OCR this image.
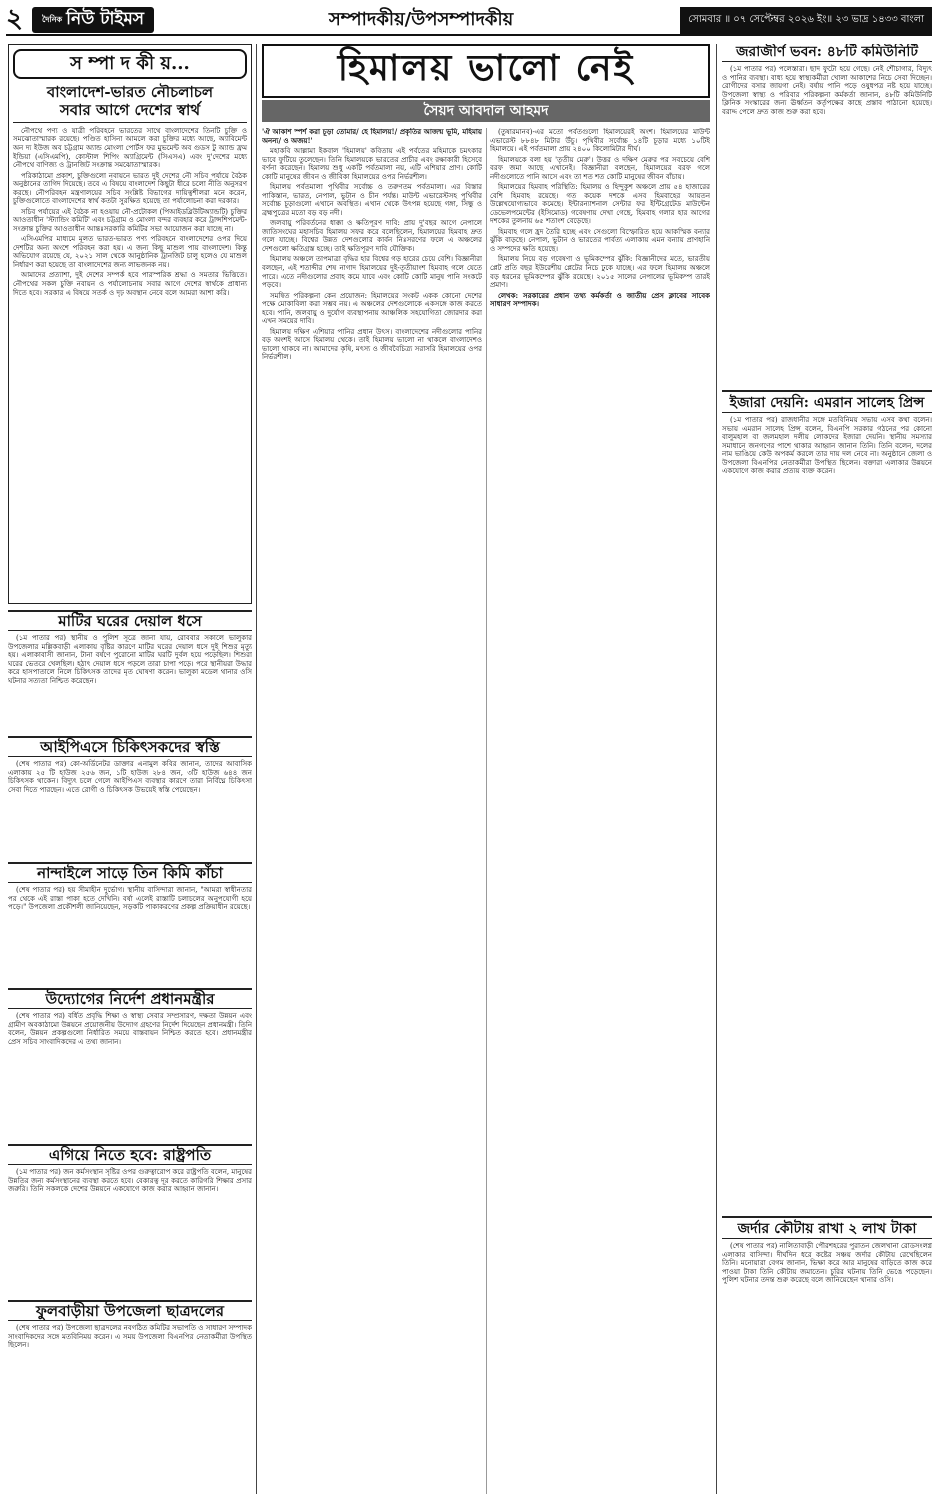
২	দৈনিক নিউ টাইমস	সম্পাদকীয়/উপসম্পাদকীয়	সোমবার ॥ ০৭ সেপ্টেম্বর ২০২৬ ইং॥ ২৩ ভাদ্র ১৪৩৩ বাংলা
স ম্পা দ কী য়...
বাংলাদেশ-ভারত নৌচলাচল
সবার আগে দেশের স্বার্থ

নৌপথে পণ্য ও যাত্রী পরিবহনে ভারতের সাথে বাংলাদেশের তিনটি চুক্তি ও সমঝোতাস্মারক রয়েছে। পণ্ডিত হাসিনা আমলে করা চুক্তির মধ্যে আছে, অ্যাবিমেন্ট অন দ্য ইউজ অব চট্টগ্রাম অ্যান্ড মোংলা পোর্টস ফর মুভমেন্ট অব গুডস টু অ্যান্ড ফ্রম ইন্ডিয়া (এসিএমপি), কোস্টাল শিপিং অ্যাগ্রিমেন্ট (সিএসএ) এবং দু'দেশের মধ্যে নৌপথে বাণিজ্য ও ট্রানজিট সংক্রান্ত সমঝোতাস্মারক।

পরিকাঠামো প্রকাশ, চুক্তিগুলো নবায়নে ভারত দুই দেশের নৌ সচিব পর্যায়ে বৈঠক অনুষ্ঠানের তাগিদ দিয়েছে। তবে এ বিষয়ে বাংলাদেশ কিছুটা ধীরে চলো নীতি অনুসরণ করছে। নৌপরিবহন মন্ত্রণালয়ের সচিব সংশ্লিষ্ট বিভাগের দায়িত্বশীলরা মনে করেন, চুক্তিগুলোতে বাংলাদেশের স্বার্থ কতটা সুরক্ষিত হয়েছে তা পর্যালোচনা করা দরকার।

সচিব পর্যায়ের এই বৈঠক না হওয়ায় নৌ-প্রটোকল (পিআইডব্লিউটিঅ্যান্ডটি) চুক্তির আওতাধীন 'স্ট্যান্ডিং কমিটি' এবং চট্টগ্রাম ও মোংলা বন্দর ব্যবহার করে ট্রান্সশিপমেন্ট-সংক্রান্ত চুক্তির আওতাধীন আন্তঃসরকারি কমিটির সভা আয়োজন করা যাচ্ছে না।

এসিএমপির মাধ্যমে মূলত ভারত-ভারত পণ্য পরিবহনে বাংলাদেশের ওপর দিয়ে দেশটির অন্য অংশে পরিবহন করা হয়। এ জন্য কিছু মাশুল পায় বাংলাদেশ। কিন্তু অভিযোগ রয়েছে যে, ২০২১ সাল থেকে আনুষ্ঠানিক ট্রানজিট চালু হলেও যে মাশুল নির্ধারণ করা হয়েছে তা বাংলাদেশের জন্য লাভজনক নয়।

আমাদের প্রত্যাশা, দুই দেশের সম্পর্ক হবে পারস্পরিক শ্রদ্ধা ও সমতার ভিত্তিতে। নৌপথের সকল চুক্তি নবায়ন ও পর্যালোচনায় সবার আগে দেশের স্বার্থকে প্রাধান্য দিতে হবে। সরকার এ বিষয়ে সতর্ক ও দৃঢ় অবস্থান নেবে বলে আমরা আশা করি।

মাটির ঘরের দেয়াল ধসে

(১ম পাতার পর) স্থানীয় ও পুলিশ সূত্রে জানা যায়, রোববার সকালে ভালুকার উপজেলার মল্লিকবাড়ী এলাকায় বৃষ্টির কারণে মাটির ঘরের দেয়াল ধসে দুই শিশুর মৃত্যু হয়। এলাকাবাসী জানান, টানা বর্ষণে পুরোনো মাটির ঘরটি দুর্বল হয়ে পড়েছিল। শিশুরা ঘরের ভেতরে খেলছিল। হঠাৎ দেয়াল ধসে পড়লে তারা চাপা পড়ে। পরে স্থানীয়রা উদ্ধার করে হাসপাতালে নিলে চিকিৎসক তাদের মৃত ঘোষণা করেন। ভালুকা মডেল থানার ওসি ঘটনার সত্যতা নিশ্চিত করেছেন।

আইপিএসে চিকিৎসকদের স্বস্তি

(শেষ পাতার পর) কো-অর্ডিনেটর ডাক্তার এনামুল কবির জানান, তাদের আবাসিক এলাকায় ২৫ টি হাউজ ২৫৬ জন, ১টি হাউজ ২৮৪ জন, ৩টি হাউজ ৬৪৪ জন চিকিৎসক থাকেন। বিদ্যুৎ চলে গেলে আইপিএস ব্যবস্থার কারণে তারা নির্বিঘ্নে চিকিৎসা সেবা দিতে পারছেন। এতে রোগী ও চিকিৎসক উভয়েই স্বস্তি পেয়েছেন।

নান্দাইলে সাড়ে তিন কিমি কাঁচা

(শেষ পাতার পর) হয় সীমাহীন দুর্ভোগ। স্থানীয় বাসিন্দারা জানান, "আমরা স্বাধীনতার পর থেকে এই রাস্তা পাকা হতে দেখিনি। বর্ষা এলেই রাস্তাটি চলাচলের অনুপযোগী হয়ে পড়ে।" উপজেলা প্রকৌশলী জানিয়েছেন, সড়কটি পাকাকরণের প্রকল্প প্রক্রিয়াধীন রয়েছে।

উদ্যোগের নির্দেশ প্রধানমন্ত্রীর

(শেষ পাতার পর) বর্ধিত প্রবৃদ্ধি শিক্ষা ও স্বাস্থ্য সেবার সম্প্রসারণ, দক্ষতা উন্নয়ন এবং গ্রামীণ অবকাঠামো উন্নয়নে প্রয়োজনীয় উদ্যোগ গ্রহণের নির্দেশ দিয়েছেন প্রধানমন্ত্রী। তিনি বলেন, উন্নয়ন প্রকল্পগুলো নির্ধারিত সময়ে বাস্তবায়ন নিশ্চিত করতে হবে। প্রধানমন্ত্রীর প্রেস সচিব সাংবাদিকদের এ তথ্য জানান।

এগিয়ে নিতে হবে: রাষ্ট্রপতি

(১ম পাতার পর) জন কর্মসংস্থান সৃষ্টির ওপর গুরুত্বারোপ করে রাষ্ট্রপতি বলেন, মানুষের উন্নতির জন্য কর্মসংস্থানের ব্যবস্থা করতে হবে। বেকারত্ব দূর করতে কারিগরি শিক্ষার প্রসার জরুরি। তিনি সকলকে দেশের উন্নয়নে একযোগে কাজ করার আহ্বান জানান।

ফুলবাড়ীয়া উপজেলা ছাত্রদলের

(শেষ পাতার পর) উপজেলা ছাত্রদলের নবগঠিত কমিটির সভাপতি ও সাধারণ সম্পাদক সাংবাদিকদের সঙ্গে মতবিনিময় করেন। এ সময় উপজেলা বিএনপির নেতাকর্মীরা উপস্থিত ছিলেন।

হিমালয় ভালো নেই
সৈয়দ আবদাল আহমদ

'ঐ আকাশ স্পর্শ করা চূড়া তোমার/ হে হিমালয়!/ প্রকৃতির আজন্ম ভূমি, মহিমায় অনন্য/ ও অজয়!'

মহাকবি আল্লামা ইকবাল 'হিমালয়' কবিতায় এই পর্বতের মহিমাকে চমৎকার ভাবে ফুটিয়ে তুলেছেন। তিনি হিমালয়কে ভারতের প্রাচীর এবং রক্ষাকারী হিসেবে বর্ণনা করেছেন। হিমালয় শুধু একটি পর্বতমালা নয়, এটি এশিয়ার প্রাণ। কোটি কোটি মানুষের জীবন ও জীবিকা হিমালয়ের ওপর নির্ভরশীল।

হিমালয় পর্বতমালা পৃথিবীর সর্বোচ্চ ও তরুণতম পর্বতমালা। এর বিস্তার পাকিস্তান, ভারত, নেপাল, ভুটান ও চীন পর্যন্ত। মাউন্ট এভারেস্টসহ পৃথিবীর সর্বোচ্চ চূড়াগুলো এখানে অবস্থিত। এখান থেকে উৎপন্ন হয়েছে গঙ্গা, সিন্ধু ও ব্রহ্মপুত্রের মতো বড় বড় নদী।

জলবায়ু পরিবর্তনের ধাক্কা ও ক্ষতিপূরণ দাবি: প্রায় দু'বছর আগে নেপালে জাতিসংঘের মহাসচিব হিমালয় সফর করে বলেছিলেন, হিমালয়ের হিমবাহ দ্রুত গলে যাচ্ছে। বিশ্বের উন্নত দেশগুলোর কার্বন নিঃসরণের ফলে এ অঞ্চলের দেশগুলো ক্ষতিগ্রস্ত হচ্ছে। তাই ক্ষতিপূরণ দাবি যৌক্তিক।

হিমালয় অঞ্চলে তাপমাত্রা বৃদ্ধির হার বিশ্বের গড় হারের চেয়ে বেশি। বিজ্ঞানীরা বলছেন, এই শতাব্দীর শেষ নাগাদ হিমালয়ের দুই-তৃতীয়াংশ হিমবাহ গলে যেতে পারে। এতে নদীগুলোর প্রবাহ কমে যাবে এবং কোটি কোটি মানুষ পানি সংকটে পড়বে।

সমন্বিত পরিকল্পনা কেন প্রয়োজন: হিমালয়ের সংকট একক কোনো দেশের পক্ষে মোকাবিলা করা সম্ভব নয়। এ অঞ্চলের দেশগুলোকে একসঙ্গে কাজ করতে হবে। পানি, জলবায়ু ও দুর্যোগ ব্যবস্থাপনায় আঞ্চলিক সহযোগিতা জোরদার করা এখন সময়ের দাবি।

হিমালয় দক্ষিণ এশিয়ার পানির প্রধান উৎস। বাংলাদেশের নদীগুলোর পানির বড় অংশই আসে হিমালয় থেকে। তাই হিমালয় ভালো না থাকলে বাংলাদেশও ভালো থাকবে না। আমাদের কৃষি, মৎস্য ও জীববৈচিত্র্য সরাসরি হিমালয়ের ওপর নির্ভরশীল।

(তুষারমানব)-এর মতো পর্বতগুলো হিমালয়েরই অংশ। হিমালয়ের মাউন্ট এভারেস্ট ৮৮৪৮ মিটার উঁচু। পৃথিবীর সর্বোচ্চ ১৪টি চূড়ার মধ্যে ১০টিই হিমালয়ে। এই পর্বতমালা প্রায় ২৪০০ কিলোমিটার দীর্ঘ।

হিমালয়কে বলা হয় 'তৃতীয় মেরু'। উত্তর ও দক্ষিণ মেরুর পর সবচেয়ে বেশি বরফ জমা আছে এখানেই। বিজ্ঞানীরা বলছেন, হিমালয়ের বরফ গলে নদীগুলোতে পানি আসে এবং তা শত শত কোটি মানুষের জীবন বাঁচায়।

হিমালয়ের হিমবাহ পরিস্থিতি: হিমালয় ও হিন্দুকুশ অঞ্চলে প্রায় ৫৪ হাজারের বেশি হিমবাহ রয়েছে। গত কয়েক দশকে এসব হিমবাহের আয়তন উল্লেখযোগ্যভাবে কমেছে। ইন্টারন্যাশনাল সেন্টার ফর ইন্টিগ্রেটেড মাউন্টেন ডেভেলপমেন্টের (ইসিমোড) গবেষণায় দেখা গেছে, হিমবাহ গলার হার আগের দশকের তুলনায় ৬৫ শতাংশ বেড়েছে।

হিমবাহ গলে হ্রদ তৈরি হচ্ছে এবং সেগুলো বিস্ফোরিত হয়ে আকস্মিক বন্যার ঝুঁকি বাড়ছে। নেপাল, ভুটান ও ভারতের পার্বত্য এলাকায় এমন বন্যায় প্রাণহানি ও সম্পদের ক্ষতি হয়েছে।

হিমালয় নিয়ে বড় গবেষণা ও ভূমিকম্পের ঝুঁকি: বিজ্ঞানীদের মতে, ভারতীয় প্লেট প্রতি বছর ইউরেশীয় প্লেটের নিচে ঢুকে যাচ্ছে। এর ফলে হিমালয় অঞ্চলে বড় ধরনের ভূমিকম্পের ঝুঁকি রয়েছে। ২০১৫ সালের নেপালের ভূমিকম্প তারই প্রমাণ।

লেখক: সরকারের প্রধান তথ্য কর্মকর্তা ও জাতীয় প্রেস ক্লাবের সাবেক সাধারণ সম্পাদক।

জরাজীর্ণ ভবন: ৪৮টি কমিউনিটি

(১ম পাতার পর) পলেস্তারা। ছাদ ফুটো হয়ে গেছে। নেই শৌচাগার, বিদ্যুৎ ও পানির ব্যবস্থা। বাধ্য হয়ে স্বাস্থ্যকর্মীরা খোলা আকাশের নিচে সেবা দিচ্ছেন। রোগীদের বসার জায়গা নেই। বর্ষায় পানি পড়ে ওষুধপত্র নষ্ট হয়ে যাচ্ছে। উপজেলা স্বাস্থ্য ও পরিবার পরিকল্পনা কর্মকর্তা জানান, ৪৮টি কমিউনিটি ক্লিনিক সংস্কারের জন্য ঊর্ধ্বতন কর্তৃপক্ষের কাছে প্রস্তাব পাঠানো হয়েছে। বরাদ্দ পেলে দ্রুত কাজ শুরু করা হবে।

ইজারা দেয়নি: এমরান সালেহ প্রিন্স

(১ম পাতার পর) রাজধানীর সঙ্গে মতবিনিময় সভায় এসব কথা বলেন। সভায় এমরান সালেহ প্রিন্স বলেন, বিএনপি সরকার গঠনের পর কোনো বালুমহাল বা জলমহাল দলীয় লোকদের ইজারা দেয়নি। স্থানীয় সমস্যার সমাধানে জনগণের পাশে থাকার আহ্বান জানান তিনি। তিনি বলেন, দলের নাম ভাঙিয়ে কেউ অপকর্ম করলে তার দায় দল নেবে না। অনুষ্ঠানে জেলা ও উপজেলা বিএনপির নেতাকর্মীরা উপস্থিত ছিলেন। বক্তারা এলাকার উন্নয়নে একযোগে কাজ করার প্রত্যয় ব্যক্ত করেন।

জর্দার কৌটায় রাখা ২ লাখ টাকা

(শেষ পাতার পর) নালিতাবাড়ী পৌরশহরের পুরাতন জেলখানা রোডসংলগ্ন এলাকার বাসিন্দা। দীর্ঘদিন ধরে কষ্টের সঞ্চয় জর্দার কৌটায় রেখেছিলেন তিনি। মনোয়ারা বেগম জানান, ভিক্ষা করে আর মানুষের বাড়িতে কাজ করে পাওয়া টাকা তিনি কৌটায় জমাতেন। চুরির ঘটনায় তিনি ভেঙে পড়েছেন। পুলিশ ঘটনার তদন্ত শুরু করেছে বলে জানিয়েছেন থানার ওসি।
